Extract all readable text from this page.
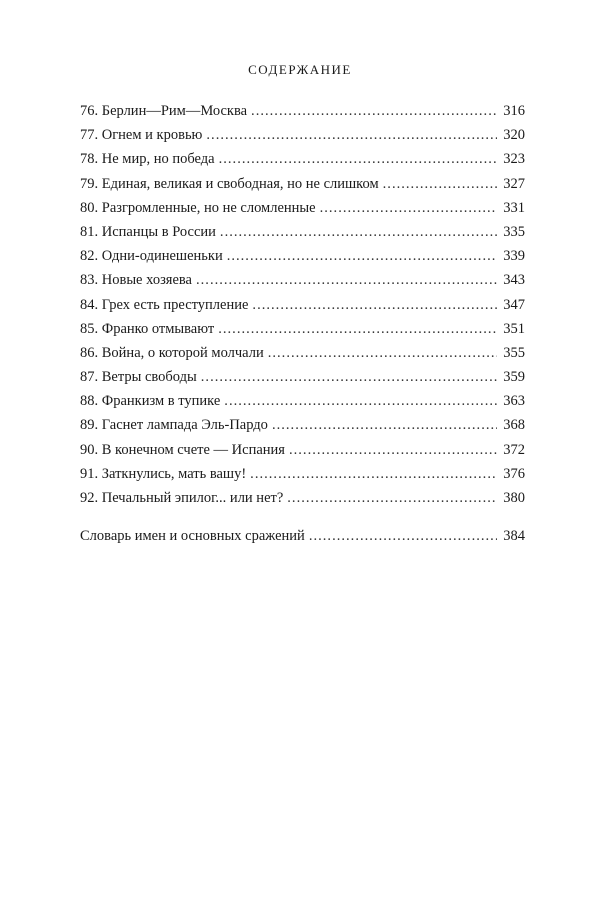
СОДЕРЖАНИЕ
76. Берлин—Рим—Москва . . .	316
77. Огнем и кровью . . .	320
78. Не мир, но победа . . .	323
79. Единая, великая и свободная, но не слишком . . .	327
80. Разгромленные, но не сломленные . . .	331
81. Испанцы в России . . .	335
82. Одни-одинешеньки . . .	339
83. Новые хозяева . . .	343
84. Грех есть преступление . . .	347
85. Франко отмывают . . .	351
86. Война, о которой молчали . . .	355
87. Ветры свободы . . .	359
88. Франкизм в тупике . . .	363
89. Гаснет лампада Эль-Пардо . . .	368
90. В конечном счете — Испания . . .	372
91. Заткнулись, мать вашу! . . .	376
92. Печальный эпилог... или нет? . . .	380
Словарь имен и основных сражений . . .	384
